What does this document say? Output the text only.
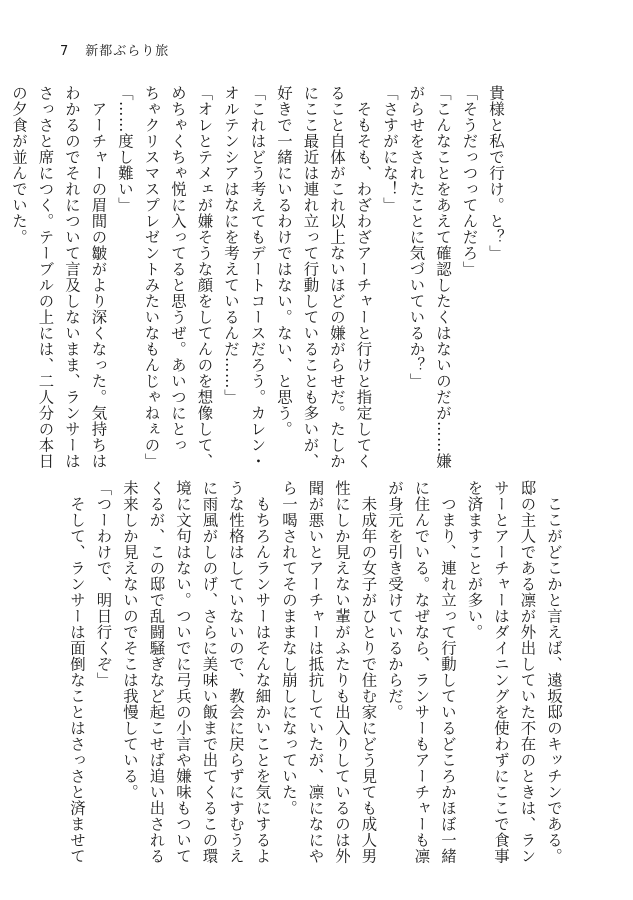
7 新都ぶらり旅

貴様と私で行け。と？」

「そうだっつってんだろ」

「こんなことをあえて確認したくはないのだが……嫌

がらせをされたことに気づいているか？」

「さすがにな！」

　そもそも、わざわざアーチャーと行けと指定してく

ること自体がこれ以上ないほどの嫌がらせだ。たしか

にここ最近は連れ立って行動していることも多いが、

好きで一緒にいるわけではない。ない、と思う。

「これはどう考えてもデートコースだろう。カレン・

オルテンシアはなにを考えているんだ……」

「オレとテメェが嫌そうな顔をしてんのを想像して、

めちゃくちゃ悦に入ってると思うぜ。あいつにとっ

ちゃクリスマスプレゼントみたいなもんじゃねぇの」

「……度し難い」

　アーチャーの眉間の皺がより深くなった。気持ちは

わかるのでそれについて言及しないまま、ランサーは

さっさと席につく。テーブルの上には、二人分の本日

の夕食が並んでいた。

　ここがどこかと言えば、遠坂邸のキッチンである。

邸の主人である凛が外出していた不在のときは、ラン

サーとアーチャーはダイニングを使わずにここで食事

を済ますことが多い。

　つまり、連れ立って行動しているどころかほぼ一緒

に住んでいる。なぜなら、ランサーもアーチャーも凛

が身元を引き受けているからだ。

　未成年の女子がひとりで住む家にどう見ても成人男

性にしか見えない輩がふたりも出入りしているのは外

聞が悪いとアーチャーは抵抗していたが、凛になにや

ら一喝されてそのままなし崩しになっていた。

　もちろんランサーはそんな細かいことを気にするよ

うな性格はしていないので、教会に戻らずにすむうえ

に雨風がしのげ、さらに美味い飯まで出てくるこの環

境に文句はない。ついでに弓兵の小言や嫌味もついて

くるが、この邸で乱闘騒ぎなど起こせば追い出される

未来しか見えないのでそこは我慢している。

「つーわけで、明日行くぞ」

　そして、ランサーは面倒なことはさっさと済ませて
